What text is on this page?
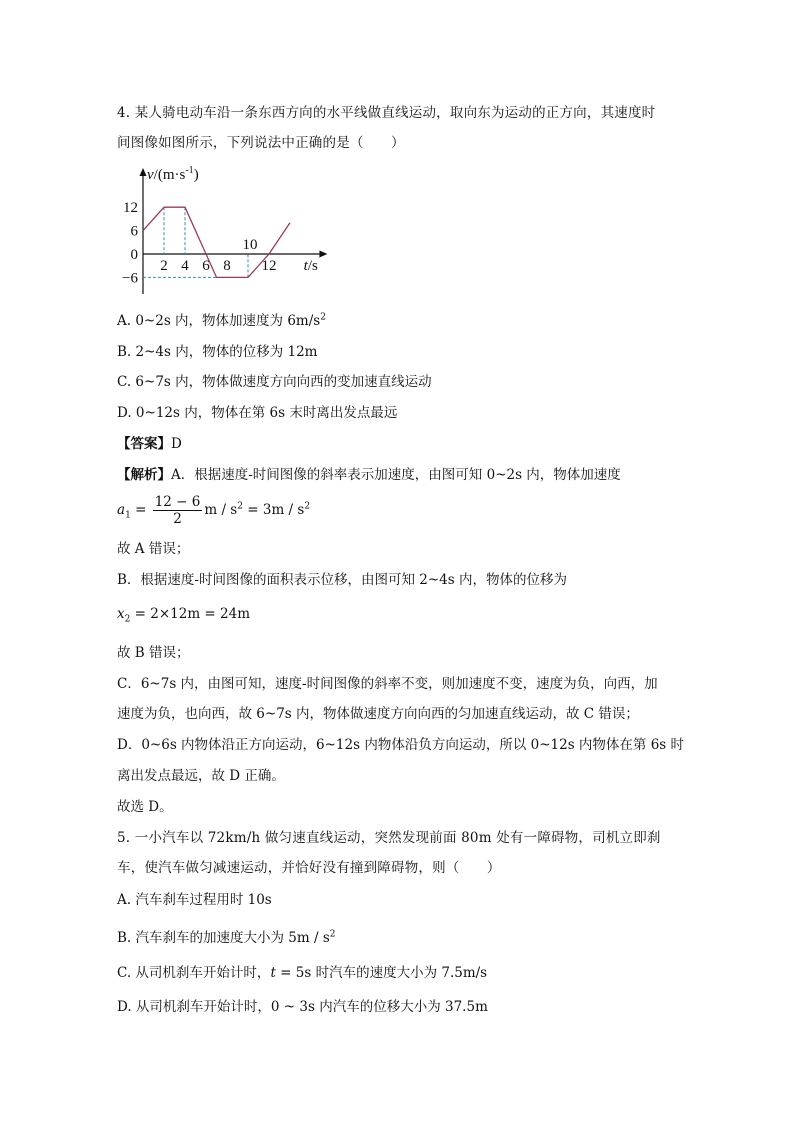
4. 某人骑电动车沿一条东西方向的水平线做直线运动，取向东为运动的正方向，其速度时
间图像如图所示，下列说法中正确的是（　　）
12
6
0
−6
2 4 6 8 12
10
$v/(m\cdot s^{-1})$
t/s
A. 0~2s 内，物体加速度为 $6m/s^2$
B. 2~4s 内，物体的位移为 12m
C. 6~7s 内，物体做速度方向向西的变加速直线运动
D. 0~12s 内，物体在第 6s 末时离出发点最远
【答案】D
【解析】A．根据速度-时间图像的斜率表示加速度，由图可知 0~2s 内，物体加速度
$a_1 = \frac{12 - 6}{2}$ $m / s^2 = 3m / s^2$
故 A 错误；
B．根据速度-时间图像的面积表示位移，由图可知 2~4s 内，物体的位移为
$x_2 = 2\times 12m = 24m$
故 B 错误；
C．6~7s 内，由图可知，速度-时间图像的斜率不变，则加速度不变，速度为负，向西，加
速度为负，也向西，故 6~7s 内，物体做速度方向向西的匀加速直线运动，故 C 错误；
D．0~6s 内物体沿正方向运动，6~12s 内物体沿负方向运动，所以 0~12s 内物体在第 6s 时
离出发点最远，故 D 正确。
故选 D。
5. 一小汽车以 72km/h 做匀速直线运动，突然发现前面 80m 处有一障碍物，司机立即刹
车，使汽车做匀减速运动，并恰好没有撞到障碍物，则（　　）
A. 汽车刹车过程用时 10s
B. 汽车刹车的加速度大小为 $5m / s^2$
C. 从司机刹车开始计时，t = 5s 时汽车的速度大小为 7.5m/s
D. 从司机刹车开始计时，0 ~ 3s 内汽车的位移大小为 37.5m
